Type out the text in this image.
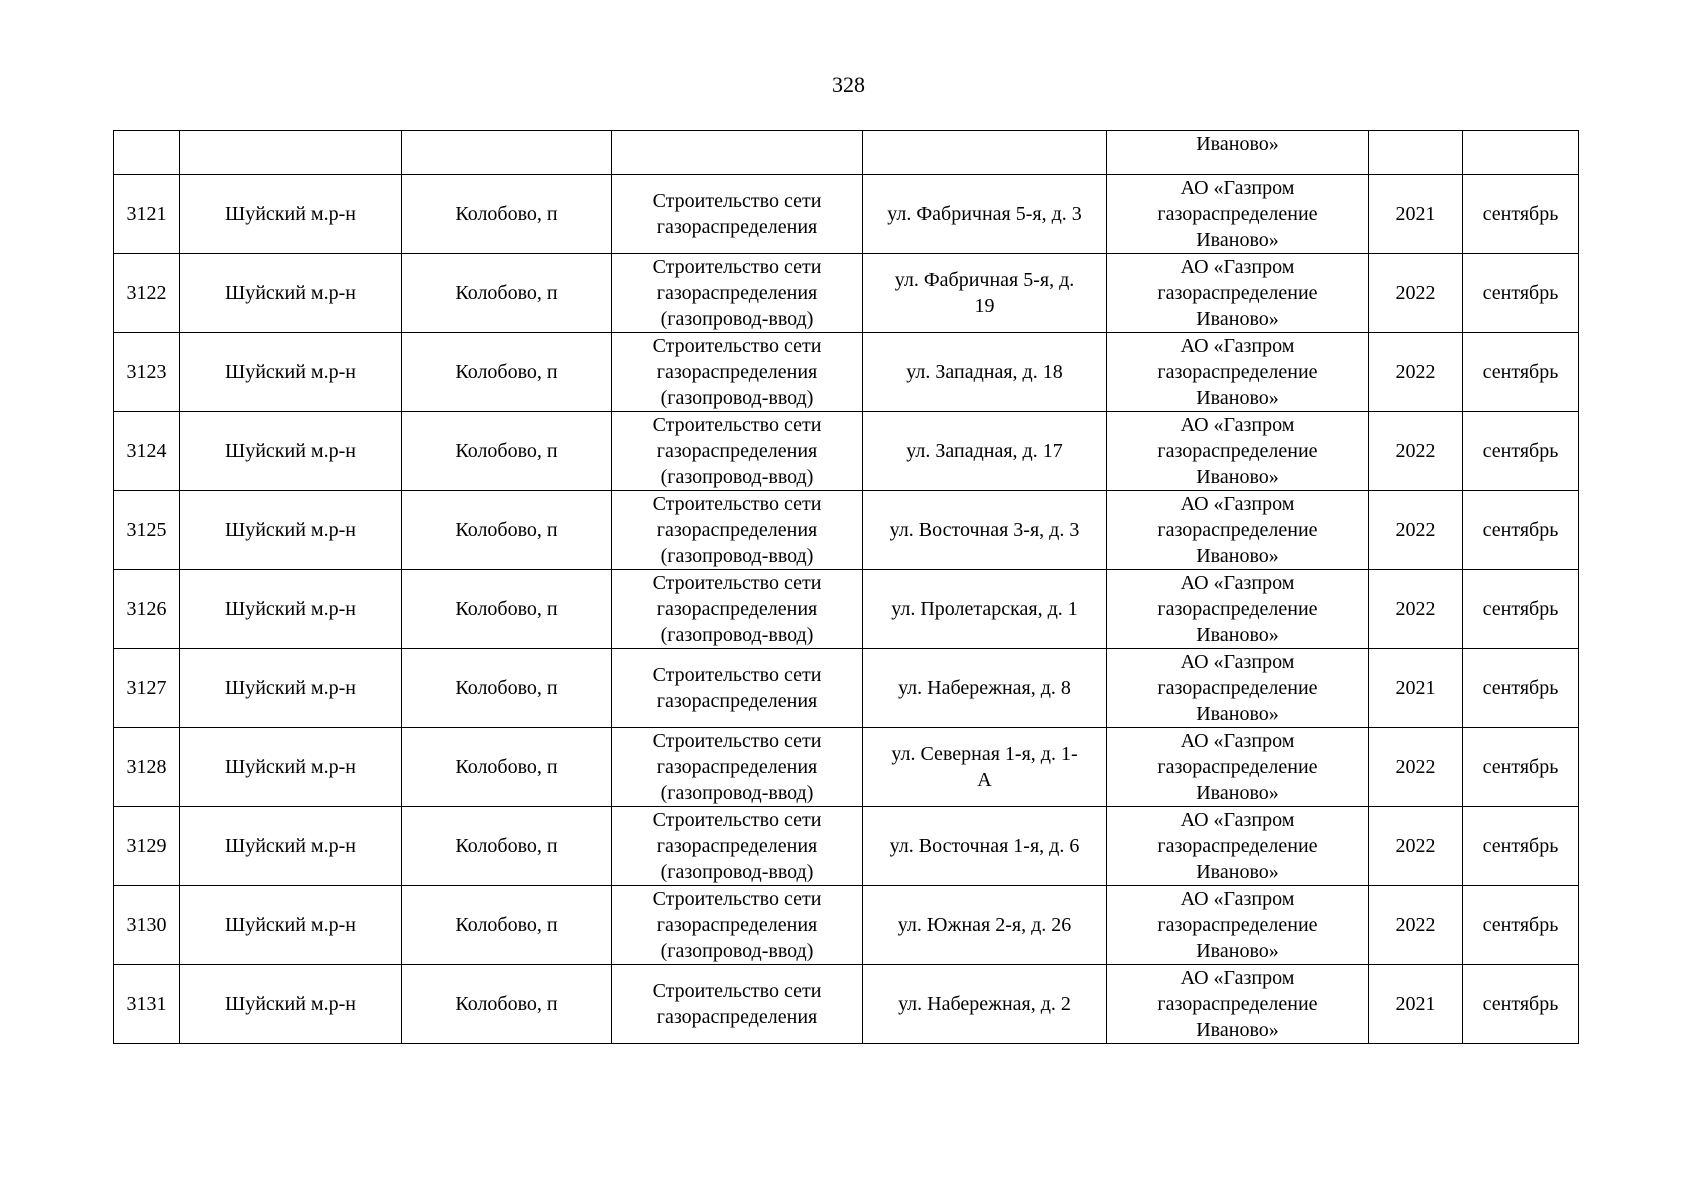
328
					Иваново»		
3121	Шуйский м.р-н	Колобово, п	Строительство сети
газораспределения	ул. Фабричная 5-я, д. 3	АО «Газпром
газораспределение
Иваново»	2021	сентябрь
3122	Шуйский м.р-н	Колобово, п	Строительство сети
газораспределения
(газопровод-ввод)	ул. Фабричная 5-я, д.
19	АО «Газпром
газораспределение
Иваново»	2022	сентябрь
3123	Шуйский м.р-н	Колобово, п	Строительство сети
газораспределения
(газопровод-ввод)	ул. Западная, д. 18	АО «Газпром
газораспределение
Иваново»	2022	сентябрь
3124	Шуйский м.р-н	Колобово, п	Строительство сети
газораспределения
(газопровод-ввод)	ул. Западная, д. 17	АО «Газпром
газораспределение
Иваново»	2022	сентябрь
3125	Шуйский м.р-н	Колобово, п	Строительство сети
газораспределения
(газопровод-ввод)	ул. Восточная 3-я, д. 3	АО «Газпром
газораспределение
Иваново»	2022	сентябрь
3126	Шуйский м.р-н	Колобово, п	Строительство сети
газораспределения
(газопровод-ввод)	ул. Пролетарская, д. 1	АО «Газпром
газораспределение
Иваново»	2022	сентябрь
3127	Шуйский м.р-н	Колобово, п	Строительство сети
газораспределения	ул. Набережная, д. 8	АО «Газпром
газораспределение
Иваново»	2021	сентябрь
3128	Шуйский м.р-н	Колобово, п	Строительство сети
газораспределения
(газопровод-ввод)	ул. Северная 1-я, д. 1-
А	АО «Газпром
газораспределение
Иваново»	2022	сентябрь
3129	Шуйский м.р-н	Колобово, п	Строительство сети
газораспределения
(газопровод-ввод)	ул. Восточная 1-я, д. 6	АО «Газпром
газораспределение
Иваново»	2022	сентябрь
3130	Шуйский м.р-н	Колобово, п	Строительство сети
газораспределения
(газопровод-ввод)	ул. Южная 2-я, д. 26	АО «Газпром
газораспределение
Иваново»	2022	сентябрь
3131	Шуйский м.р-н	Колобово, п	Строительство сети
газораспределения	ул. Набережная, д. 2	АО «Газпром
газораспределение
Иваново»	2021	сентябрь
